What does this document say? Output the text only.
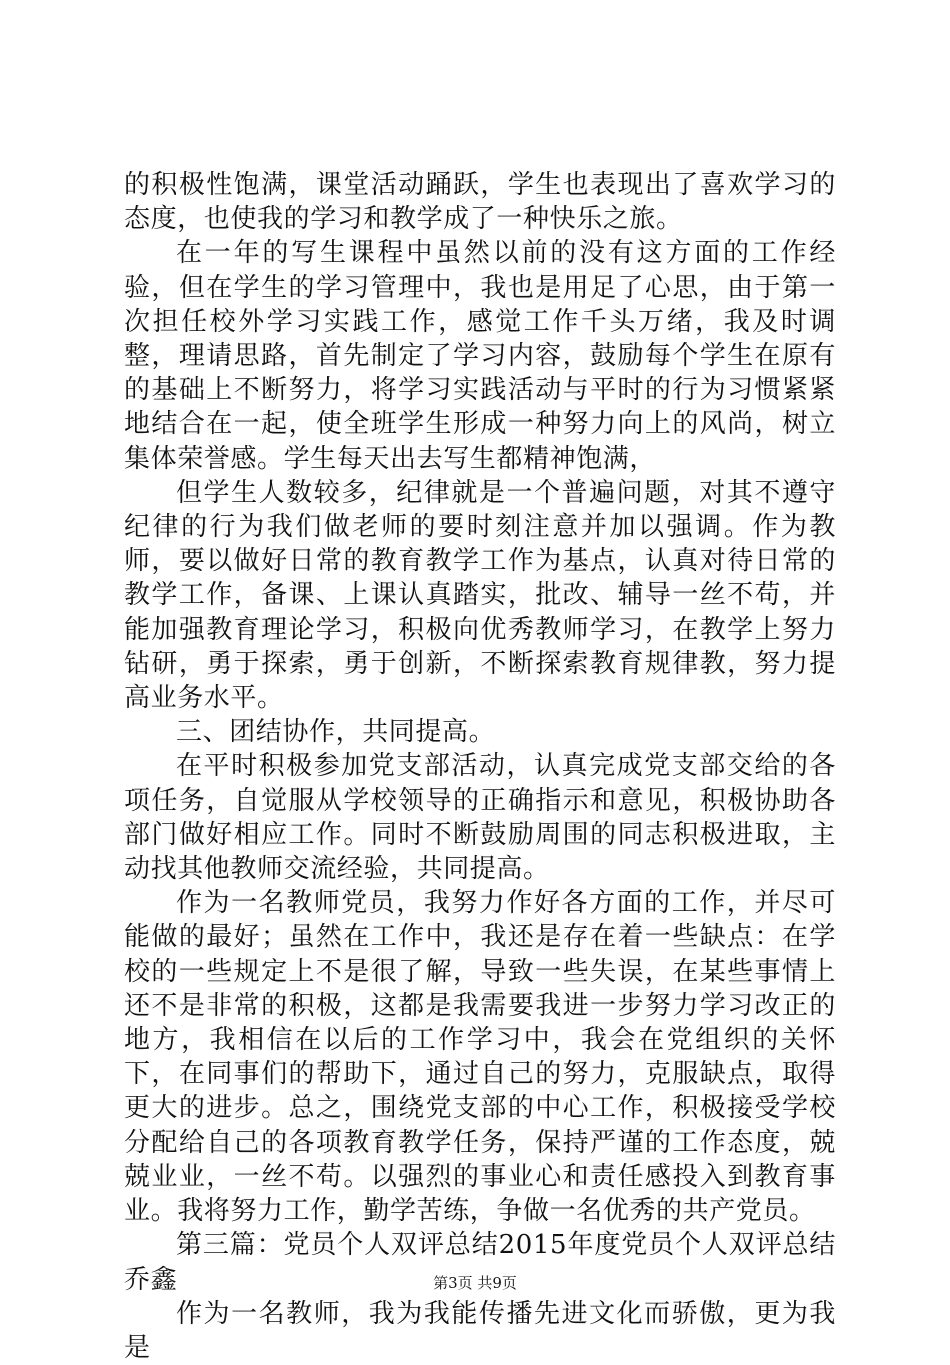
的积极性饱满，课堂活动踊跃，学生也表现出了喜欢学习的态度，也使我的学习和教学成了一种快乐之旅。

在一年的写生课程中虽然以前的没有这方面的工作经验，但在学生的学习管理中，我也是用足了心思，由于第一次担任校外学习实践工作，感觉工作千头万绪，我及时调整，理请思路，首先制定了学习内容，鼓励每个学生在原有的基础上不断努力，将学习实践活动与平时的行为习惯紧紧地结合在一起，使全班学生形成一种努力向上的风尚，树立集体荣誉感。学生每天出去写生都精神饱满，

但学生人数较多，纪律就是一个普遍问题，对其不遵守纪律的行为我们做老师的要时刻注意并加以强调。作为教师，要以做好日常的教育教学工作为基点，认真对待日常的教学工作，备课、上课认真踏实，批改、辅导一丝不苟，并能加强教育理论学习，积极向优秀教师学习，在教学上努力钻研，勇于探索，勇于创新，不断探索教育规律教，努力提高业务水平。

三、团结协作，共同提高。

在平时积极参加党支部活动，认真完成党支部交给的各项任务，自觉服从学校领导的正确指示和意见，积极协助各部门做好相应工作。同时不断鼓励周围的同志积极进取，主动找其他教师交流经验，共同提高。

作为一名教师党员，我努力作好各方面的工作，并尽可能做的最好；虽然在工作中，我还是存在着一些缺点：在学校的一些规定上不是很了解，导致一些失误，在某些事情上还不是非常的积极，这都是我需要我进一步努力学习改正的地方，我相信在以后的工作学习中，我会在党组织的关怀下，在同事们的帮助下，通过自己的努力，克服缺点，取得更大的进步。总之，围绕党支部的中心工作，积极接受学校分配给自己的各项教育教学任务，保持严谨的工作态度，兢兢业业，一丝不苟。以强烈的事业心和责任感投入到教育事业。我将努力工作，勤学苦练，争做一名优秀的共产党员。

第三篇：党员个人双评总结2015年度党员个人双评总结乔鑫

作为一名教师，我为我能传播先进文化而骄傲，更为我是

第3页 共9页
